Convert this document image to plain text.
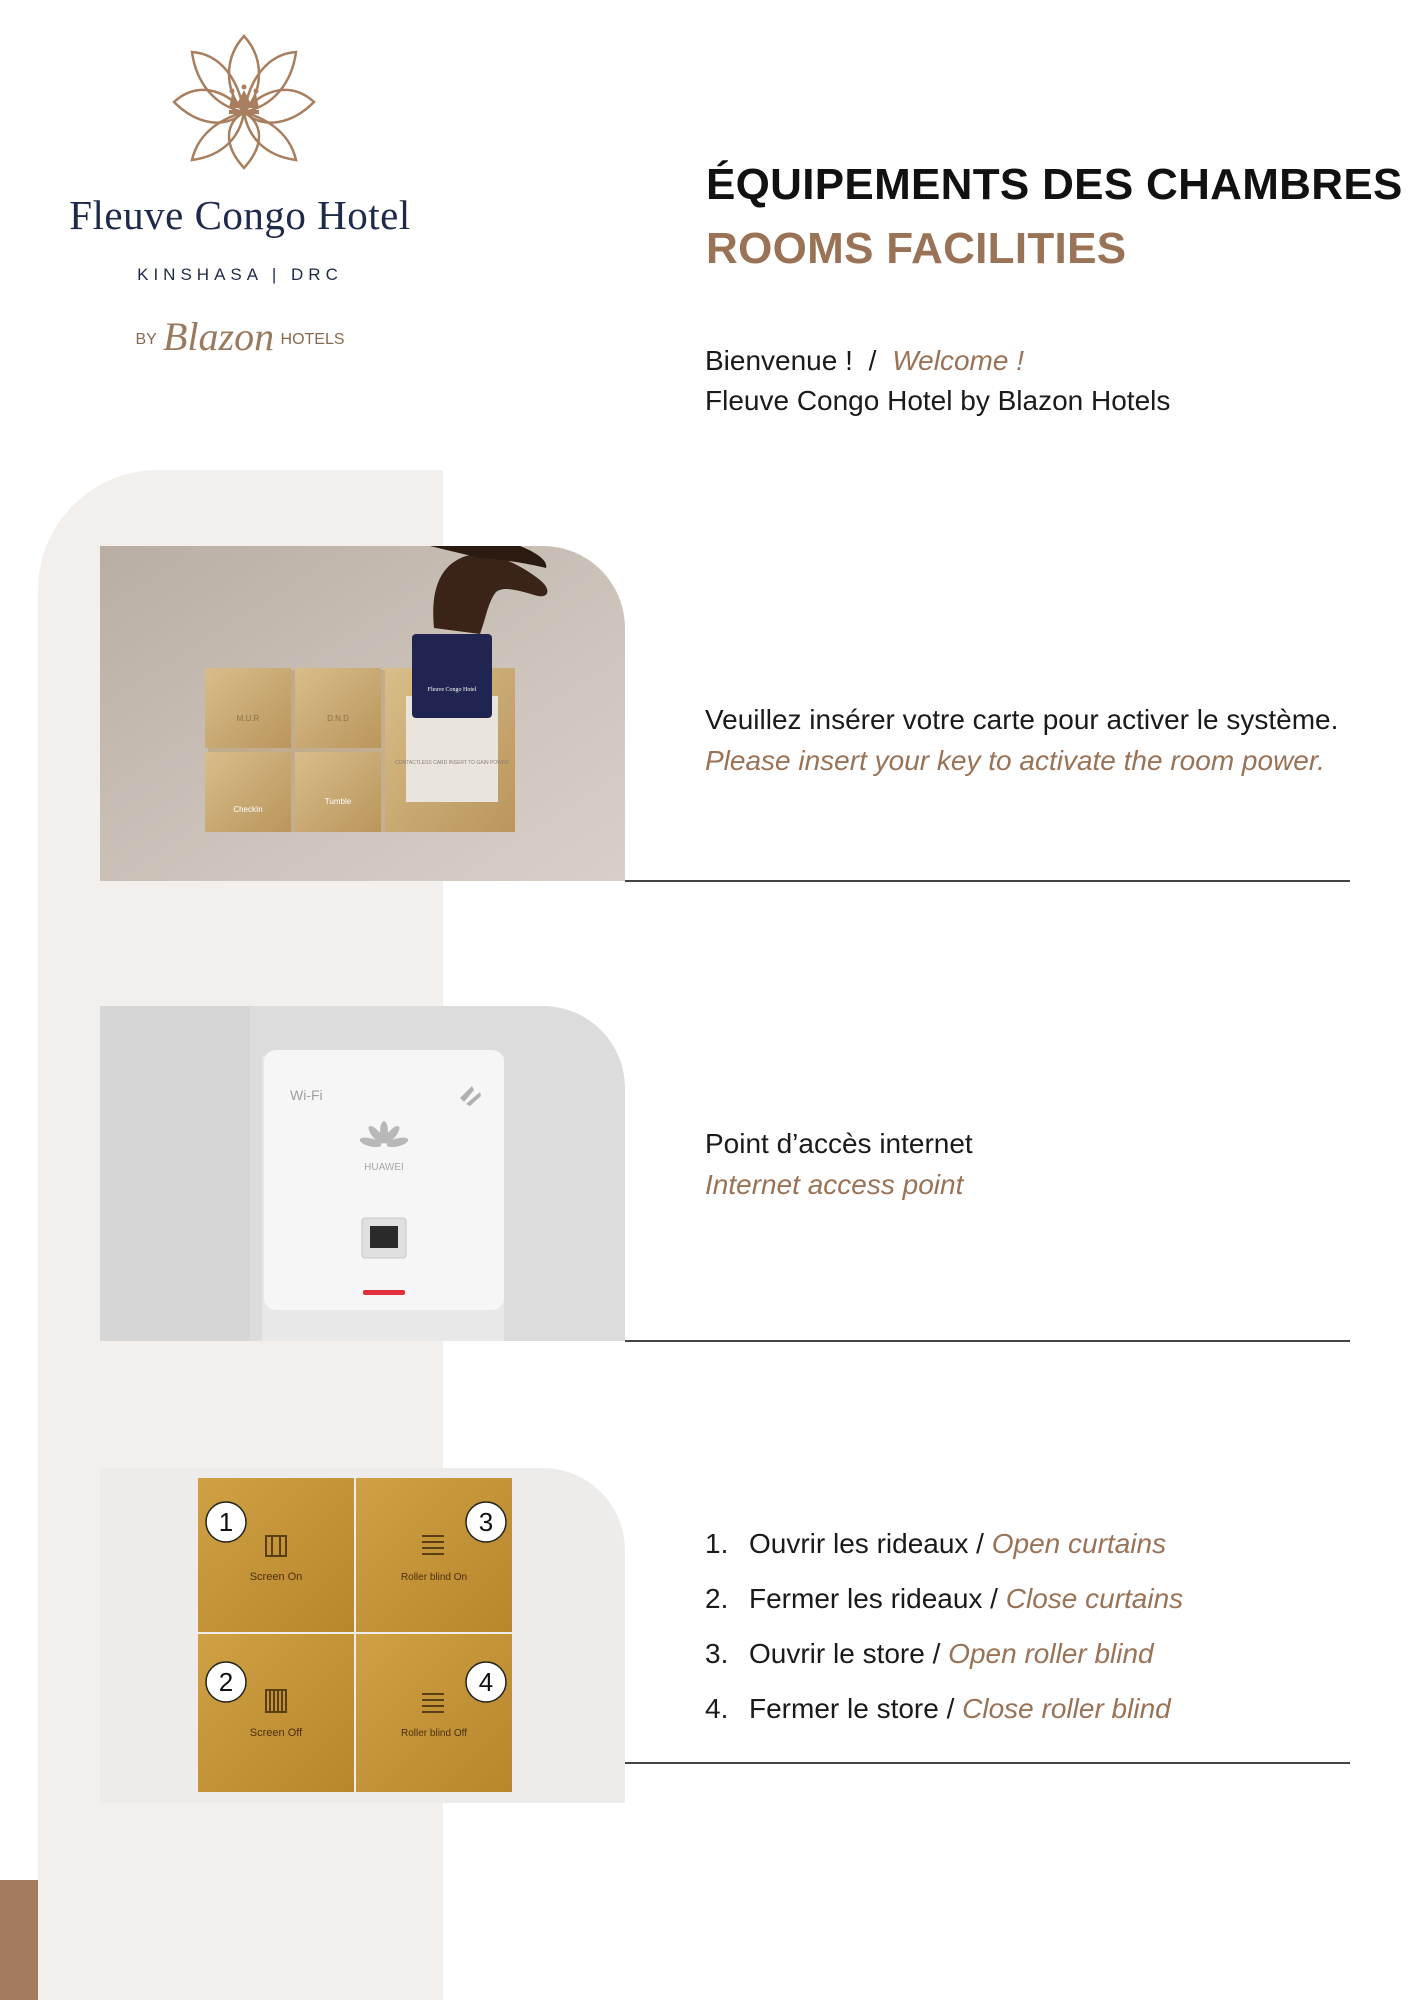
Fleuve Congo Hotel
KINSHASA | DRC
BY Blazon HOTELS
ÉQUIPEMENTS DES CHAMBRES
ROOMS FACILITIES
Bienvenue ! / Welcome !
Fleuve Congo Hotel by Blazon Hotels
M.U.R	D.N.D
CheckIn
Tumble
CONTACTLESS CARD INSERT TO GAIN POWER
Fleuve Congo Hotel
Veuillez insérer votre carte pour activer le système.
Please insert your key to activate the room power.
Wi-Fi
HUAWEI
Point d’accès internet
Internet access point
Screen On	Roller blind On
Screen Off	Roller blind Off
1	3
2	4
1. Ouvrir les rideaux / Open curtains
2. Fermer les rideaux / Close curtains
3. Ouvrir le store / Open roller blind
4. Fermer le store / Close roller blind
